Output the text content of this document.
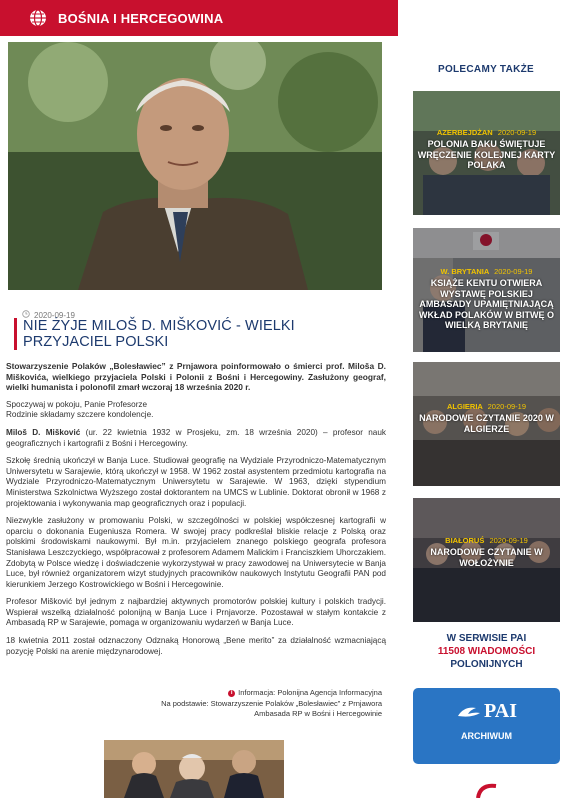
BOŚNIA I HERCEGOWINA
2020-09-19
NIE ŻYJE MILOŠ D. MIŠKOVIĆ - WIELKI PRZYJACIEL POLSKI

Stowarzyszenie Polaków „Bolesławiec” z Prnjawora poinformowało o śmierci prof. Miloša D. Miškovića, wielkiego przyjaciela Polski i Polonii z Bośni i Hercegowiny. Zasłużony geograf, wielki humanista i polonofil zmarł wczoraj 18 września 2020 r.

Spoczywaj w pokoju, Panie Profesorze
Rodzinie składamy szczere kondolencje.

Miloš D. Mišković (ur. 22 kwietnia 1932 w Prosjeku, zm. 18 września 2020) – profesor nauk geograficznych i kartografii z Bośni i Hercegowiny.

Szkołę średnią ukończył w Banja Luce. Studiował geografię na Wydziale Przyrodniczo-Matematycznym Uniwersytetu w Sarajewie, którą ukończył w 1958. W 1962 został asystentem przedmiotu kartografia na Wydziale Przyrodniczo-Matematycznym Uniwersytetu w Sarajewie. W 1963, dzięki stypendium Ministerstwa Szkolnictwa Wyższego został doktorantem na UMCS w Lublinie. Doktorat obronił w 1968 z projektowania i wykonywania map geograficznych oraz i populacji.

Niezwykle zasłużony w promowaniu Polski, w szczególności w polskiej współczesnej kartografii w oparciu o dokonania Eugeniusza Romera. W swojej pracy podkreślał bliskie relacje z Polską oraz polskimi środowiskami naukowymi. Był m.in. przyjacielem znanego polskiego geografa profesora Stanisława Leszczyckiego, współpracował z profesorem Adamem Malickim i Franciszkiem Uhorczakiem. Zdobytą w Polsce wiedzę i doświadczenie wykorzystywał w pracy zawodowej na Uniwersytecie w Banja Luce, był również organizatorem wizyt studyjnych pracowników naukowych Instytutu Geografii PAN pod kierunkiem Jerzego Kostrowickiego w Bośni i Hercegowinie.

Profesor Mišković był jednym z najbardziej aktywnych promotorów polskiej kultury i polskich tradycji. Wspierał wszelką działalność polonijną w Banja Luce i Prnjavorze. Pozostawał w stałym kontakcie z Ambasadą RP w Sarajewie, pomaga w organizowaniu wydarzeń w Banja Luce.

18 kwietnia 2011 został odznaczony Odznaką Honorową „Bene merito” za działalność wzmacniającą pozycję Polski na arenie międzynarodowej.

i Informacja: Polonijna Agencja Informacyjna
Na podstawie: Stowarzyszenie Polaków „Bolesławiec” z Prnjawora
Ambasada RP w Bośni i Hercegowinie
POLECAMY TAKŻE
AZERBEJDŻAN 2020-09-19
POLONIA BAKU ŚWIĘTUJE WRĘCZENIE KOLEJNEJ KARTY POLAKA
W. BRYTANIA 2020-09-19
KSIĄŻE KENTU OTWIERA WYSTAWĘ POLSKIEJ AMBASADY UPAMIĘTNIAJĄCĄ WKŁAD POLAKÓW W BITWĘ O WIELKĄ BRYTANIĘ
ALGIERIA 2020-09-19
NARODOWE CZYTANIE 2020 W ALGIERZE
BIAŁORUŚ 2020-09-19
NARODOWE CZYTANIE W WOŁOŻYNIE
W SERWISIE PAI
11508 WIADOMOŚCI
POLONIJNYCH
PAI
ARCHIWUM
